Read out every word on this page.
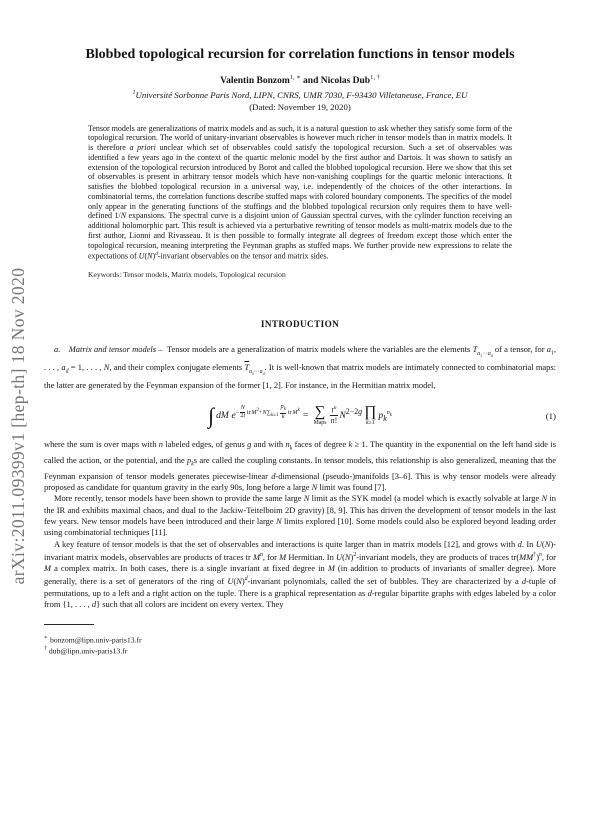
arXiv:2011.09399v1 [hep-th] 18 Nov 2020
Blobbed topological recursion for correlation functions in tensor models
Valentin Bonzom$^{1, ∗}$ and Nicolas Dub$^{1, \dagger}$
$^1$Université Sorbonne Paris Nord, LIPN, CNRS, UMR 7030, F-93430 Villetaneuse, France, EU
(Dated: November 19, 2020)
Tensor models are generalizations of matrix models and as such, it is a natural question to ask whether they satisfy some form of the topological recursion. The world of unitary-invariant observables is however much richer in tensor models than in matrix models. It is therefore a priori unclear which set of observables could satisfy the topological recursion. Such a set of observables was identified a few years ago in the context of the quartic melonic model by the first author and Dartois. It was shown to satisfy an extension of the topological recursion introduced by Borot and called the blobbed topological recursion. Here we show that this set of observables is present in arbitrary tensor models which have non-vanishing couplings for the quartic melonic interactions. It satisfies the blobbed topological recursion in a universal way, i.e. independently of the choices of the other interactions. In combinatorial terms, the correlation functions describe stuffed maps with colored boundary components. The specifics of the model only appear in the generating functions of the stuffings and the blobbed topological recursion only requires them to have well-defined 1/N expansions. The spectral curve is a disjoint union of Gaussian spectral curves, with the cylinder function receiving an additional holomorphic part. This result is achieved via a perturbative rewriting of tensor models as multi-matrix models due to the first author, Lionni and Rivasseau. It is then possible to formally integrate all degrees of freedom except those which enter the topological recursion, meaning interpreting the Feynman graphs as stuffed maps. We further provide new expressions to relate the expectations of $U(N)^d$-invariant observables on the tensor and matrix sides.
Keywords: Tensor models, Matrix models, Topological recursion
INTRODUCTION

a. Matrix and tensor models –  Tensor models are a generalization of matrix models where the variables are the elements $T_{a_1\cdot\cdot\cdot a_d}$ of a tensor, for $a_1$, . . . , $a_d = 1$, . . . , N, and their complex conjugate elements $\overline{T}_{a_1\cdot\cdot\cdot a_d}$. It is well-known that matrix models are intimately connected to combinatorial maps: the latter are generated by the Feynman expansion of the former [1, 2]. For instance, in the Hermitian matrix model,

∫ dM   $e^{- \frac{N}{2t} tr M^2+N\sum_{k\ge 1} \frac{p_k}{k} tr M^k}$ =  ∑
Maps $\frac{t^n}{n!} N^{2-2g}$ ∏
k≥1
$p_k^{n_k}$	(1)

where the sum is over maps with n labeled edges, of genus g and with $n_k$ faces of degree k ≥ 1. The quantity in the exponential on the left hand side is called the action, or the potential, and the $p_ks$ are called the coupling constants. In tensor models, this relationship is also generalized, meaning that the Feynman expansion of tensor models generates piecewise-linear d-dimensional (pseudo-)manifolds [3–6]. This is why tensor models were already proposed as candidate for quantum gravity in the early 90s, long before a large N limit was found [7].

More recently, tensor models have been shown to provide the same large N limit as the SYK model (a model which is exactly solvable at large N in the IR and exhibits maximal chaos, and dual to the Jackiw-Teitelboim 2D gravity) [8, 9]. This has driven the development of tensor models in the last few years. New tensor models have been introduced and their large N limits explored [10]. Some models could also be explored beyond leading order using combinatorial techniques [11].

A key feature of tensor models is that the set of observables and interactions is quite larger than in matrix models [12], and grows with d. In U(N)-invariant matrix models, observables are products of traces tr $M^n$, for M Hermitian. In $U(N)^2$-invariant models, they are products of traces $tr(MM^\dagger)^n$, for M a complex matrix. In both cases, there is a single invariant at fixed degree in M (in addition to products of invariants of smaller degree). More generally, there is a set of generators of the ring of $U(N)^d$-invariant polynomials, called the set of bubbles. They are characterized by a d-tuple of permutations, up to a left and a right action on the tuple. There is a graphical representation as d-regular bipartite graphs with edges labeled by a color from {1, . . . , d} such that all colors are incident on every vertex. They

∗ bonzom@lipn.univ-paris13.fr
† dub@lipn.univ-paris13.fr
